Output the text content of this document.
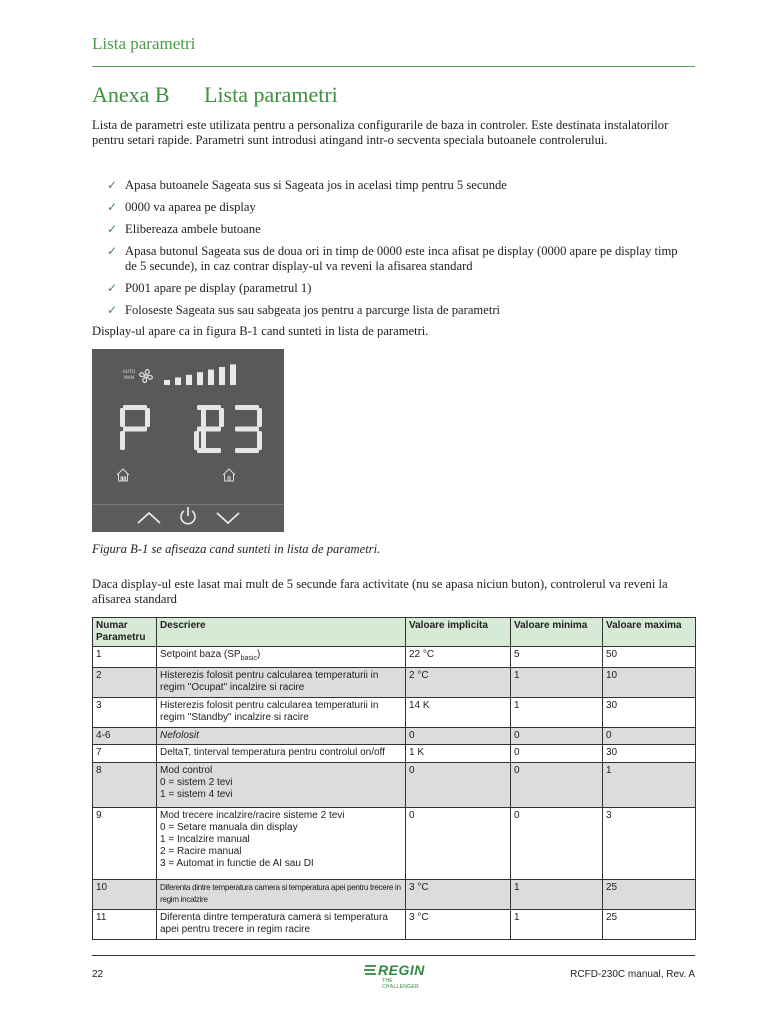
Lista parametri
Anexa B Lista parametri
Lista de parametri este utilizata pentru a personaliza configurarile de baza in controler. Este destinata instalatorilor pentru setari rapide. Parametri sunt introdusi atingand intr-o secventa speciala butoanele controlerului.
✓ Apasa butoanele Sageata sus si Sageata jos in acelasi timp pentru 5 secunde
✓ 0000 va aparea pe display
✓ Elibereaza ambele butoane
✓ Apasa butonul Sageata sus de doua ori in timp de 0000 este inca afisat pe display (0000 apare pe display timp de 5 secunde), in caz contrar display-ul va reveni la afisarea standard
✓ P001 apare pe display (parametrul 1)
✓ Foloseste Sageata sus sau sabgeata jos pentru a parcurge lista de parametri
Display-ul apare ca in figura B-1 cand sunteti in lista de parametri.
AUTO
MAN
Figura B-1 se afiseaza cand sunteti in lista de parametri.
Daca display-ul este lasat mai mult de 5 secunde fara activitate (nu se apasa niciun buton), controlerul va reveni la afisarea standard
Numar Parametru	Descriere	Valoare implicita	Valoare minima	Valoare maxima
1	Setpoint baza $(SP_{basic})$	22 °C	5	50
2	Histerezis folosit pentru calcularea temperaturii in regim "Ocupat" incalzire si racire	2 °C	1	10
3	Histerezis folosit pentru calcularea temperaturii in regim "Standby" incalzire si racire	14 K	1	30
4-6	Nefolosit	0	0	0
7	DeltaT, tinterval temperatura pentru controlul on/off	1 K	0	30
8	Mod control
0 = sistem 2 tevi
1 = sistem 4 tevi	0	0	1
9	Mod trecere incalzire/racire sisteme 2 tevi
0 = Setare manuala din display
1 = Incalzire manual
2 = Racire manual
3 = Automat in functie de AI sau DI	0	0	3
10	Diferenta dintre temperatura camera si temperatura apei pentru trecere in regim incalzire	3 °C	1	25
11	Diferenta dintre temperatura camera si temperatura apei pentru trecere in regim racire	3 °C	1	25
22	REGIN
THE CHALLENGER
RCFD-230C manual, Rev. A
